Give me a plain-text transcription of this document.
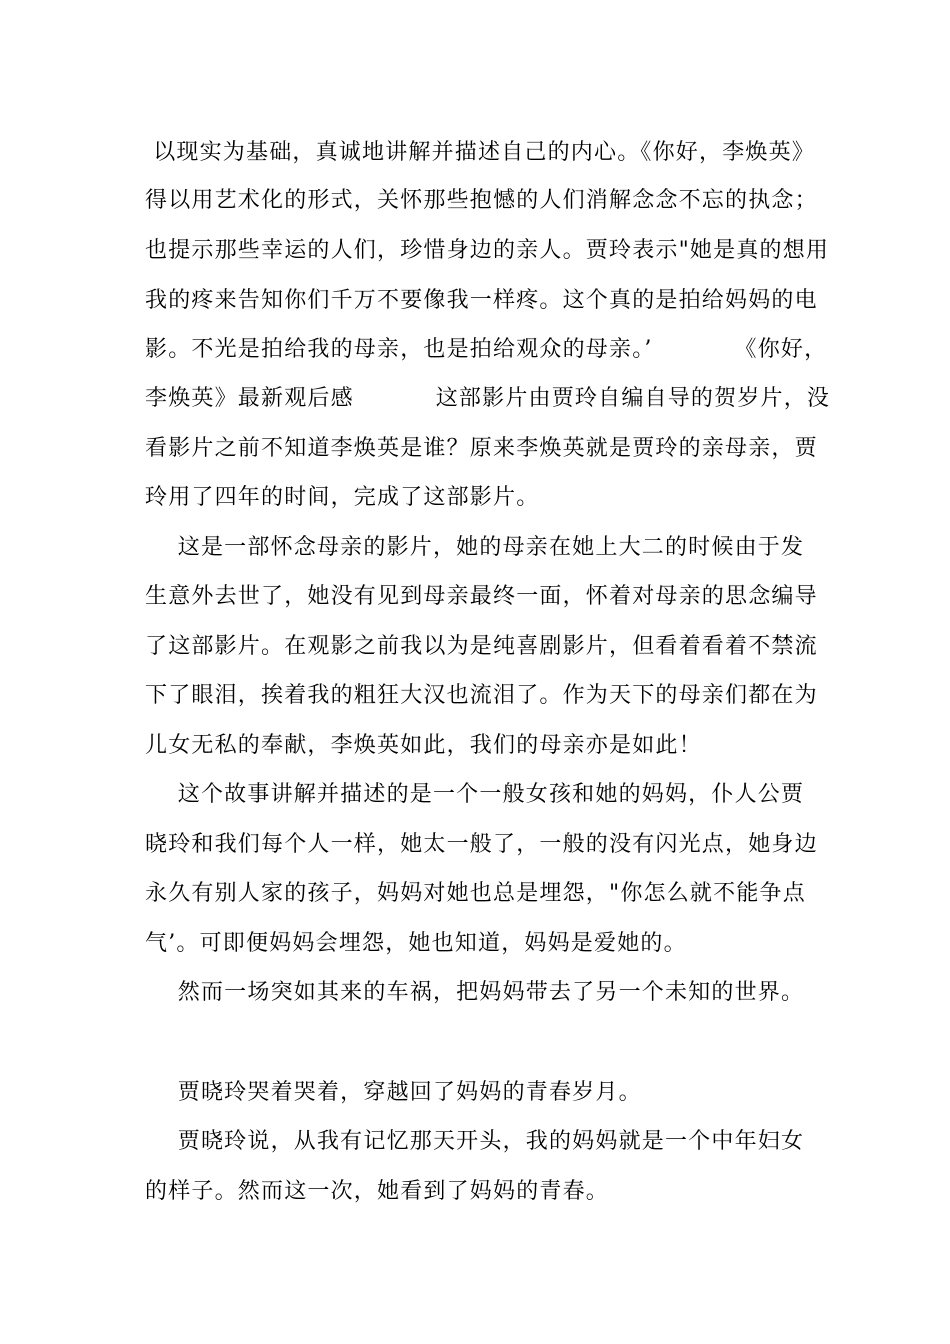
以现实为基础，真诚地讲解并描述自己的内心。《你好，李焕英》
得以用艺术化的形式，关怀那些抱憾的人们消解念念不忘的执念；
也提示那些幸运的人们，珍惜身边的亲人。贾玲表示"她是真的想用
我的疼来告知你们千万不要像我一样疼。这个真的是拍给妈妈的电
影。不光是拍给我的母亲，也是拍给观众的母亲。’          《你好，
李焕英》最新观后感          这部影片由贾玲自编自导的贺岁片，没
看影片之前不知道李焕英是谁？原来李焕英就是贾玲的亲母亲，贾
玲用了四年的时间，完成了这部影片。
这是一部怀念母亲的影片，她的母亲在她上大二的时候由于发
生意外去世了，她没有见到母亲最终一面，怀着对母亲的思念编导
了这部影片。在观影之前我以为是纯喜剧影片，但看着看着不禁流
下了眼泪，挨着我的粗狂大汉也流泪了。作为天下的母亲们都在为
儿女无私的奉献，李焕英如此，我们的母亲亦是如此！
这个故事讲解并描述的是一个一般女孩和她的妈妈，仆人公贾
晓玲和我们每个人一样，她太一般了，一般的没有闪光点，她身边
永久有别人家的孩子，妈妈对她也总是埋怨，"你怎么就不能争点
气’。可即便妈妈会埋怨，她也知道，妈妈是爱她的。
然而一场突如其来的车祸，把妈妈带去了另一个未知的世界。
贾晓玲哭着哭着，穿越回了妈妈的青春岁月。
贾晓玲说，从我有记忆那天开头，我的妈妈就是一个中年妇女
的样子。然而这一次，她看到了妈妈的青春。
